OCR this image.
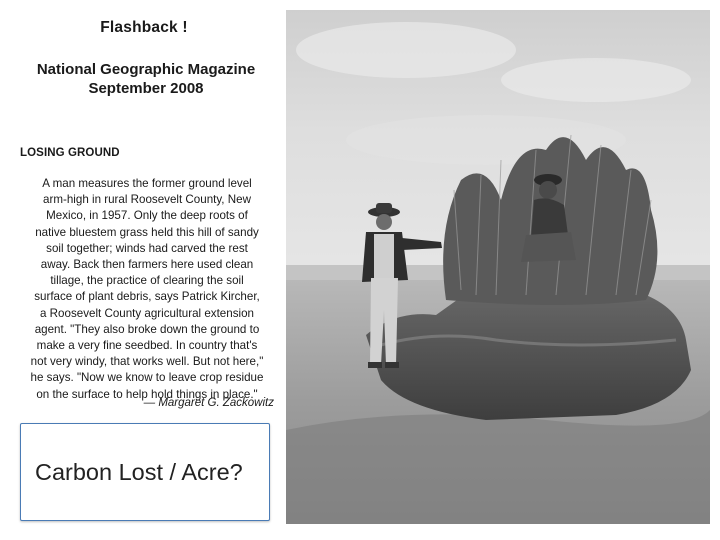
Flashback !
National Geographic Magazine
September 2008
LOSING GROUND
A man measures the former ground level
arm-high in rural Roosevelt County, New
Mexico, in 1957. Only the deep roots of
native bluestem grass held this hill of sandy
soil together; winds had carved the rest
away. Back then farmers here used clean
tillage, the practice of clearing the soil
surface of plant debris, says Patrick Kircher,
a Roosevelt County agricultural extension
agent. "They also broke down the ground to
make a very fine seedbed. In country that's
not very windy, that works well. But not here,"
he says. "Now we know to leave crop residue
on the surface to help hold things in place."
— Margaret G. Zackowitz
Carbon Lost / Acre?
